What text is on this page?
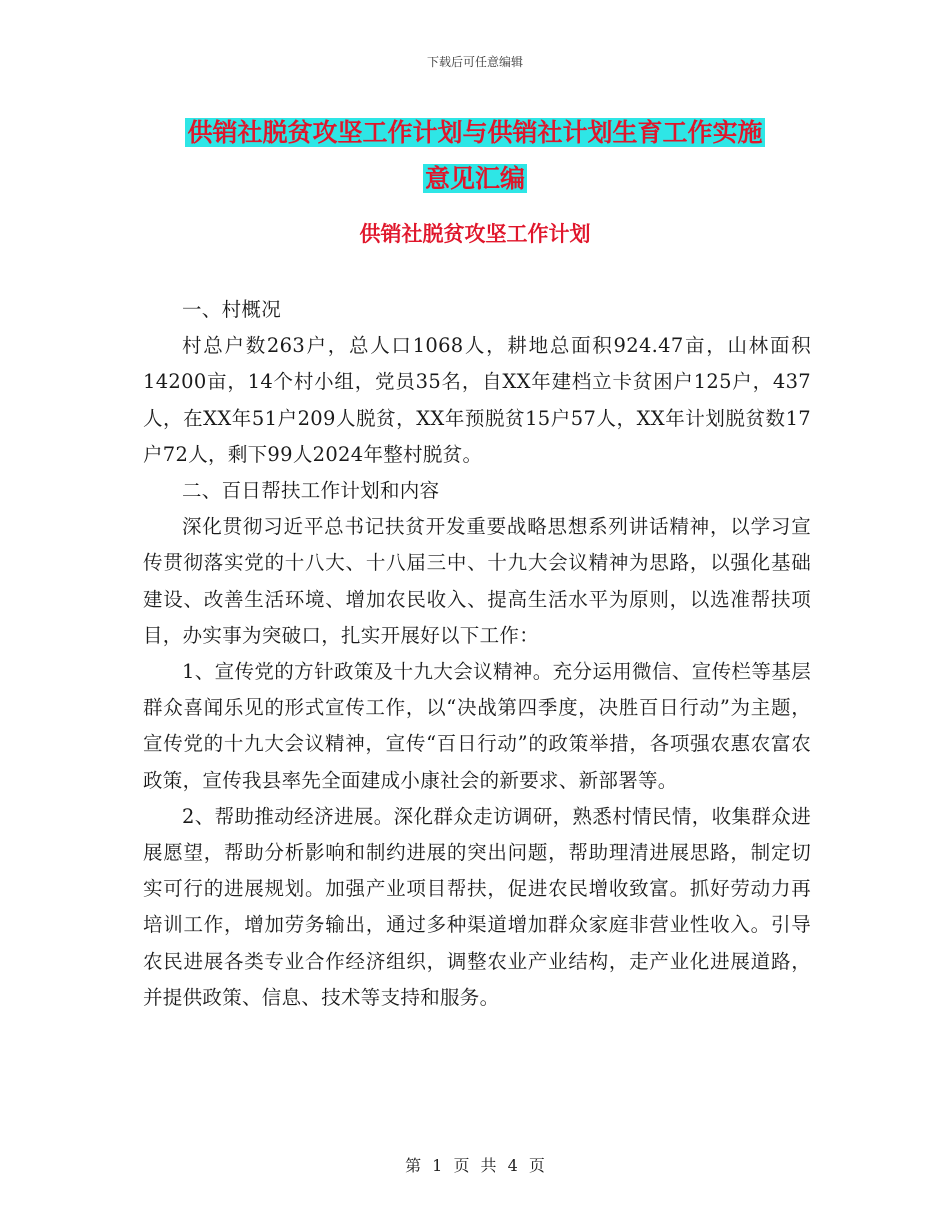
下载后可任意编辑
供销社脱贫攻坚工作计划与供销社计划生育工作实施
意见汇编
供销社脱贫攻坚工作计划

一、村概况

村总户数263户，总人口1068人，耕地总面积924.47亩，山林面积14200亩，14个村小组，党员35名，自XX年建档立卡贫困户125户，437人，在XX年51户209人脱贫，XX年预脱贫15户57人，XX年计划脱贫数17户72人，剩下99人2024年整村脱贫。

二、百日帮扶工作计划和内容

深化贯彻习近平总书记扶贫开发重要战略思想系列讲话精神，以学习宣传贯彻落实党的十八大、十八届三中、十九大会议精神为思路，以强化基础建设、改善生活环境、增加农民收入、提高生活水平为原则，以选准帮扶项目，办实事为突破口，扎实开展好以下工作：

1、宣传党的方针政策及十九大会议精神。充分运用微信、宣传栏等基层群众喜闻乐见的形式宣传工作，以“决战第四季度，决胜百日行动”为主题，宣传党的十九大会议精神，宣传“百日行动”的政策举措，各项强农惠农富农政策，宣传我县率先全面建成小康社会的新要求、新部署等。

2、帮助推动经济进展。深化群众走访调研，熟悉村情民情，收集群众进展愿望，帮助分析影响和制约进展的突出问题，帮助理清进展思路，制定切实可行的进展规划。加强产业项目帮扶，促进农民增收致富。抓好劳动力再培训工作，增加劳务输出，通过多种渠道增加群众家庭非营业性收入。引导农民进展各类专业合作经济组织，调整农业产业结构，走产业化进展道路，并提供政策、信息、技术等支持和服务。

第 1 页 共 4 页
